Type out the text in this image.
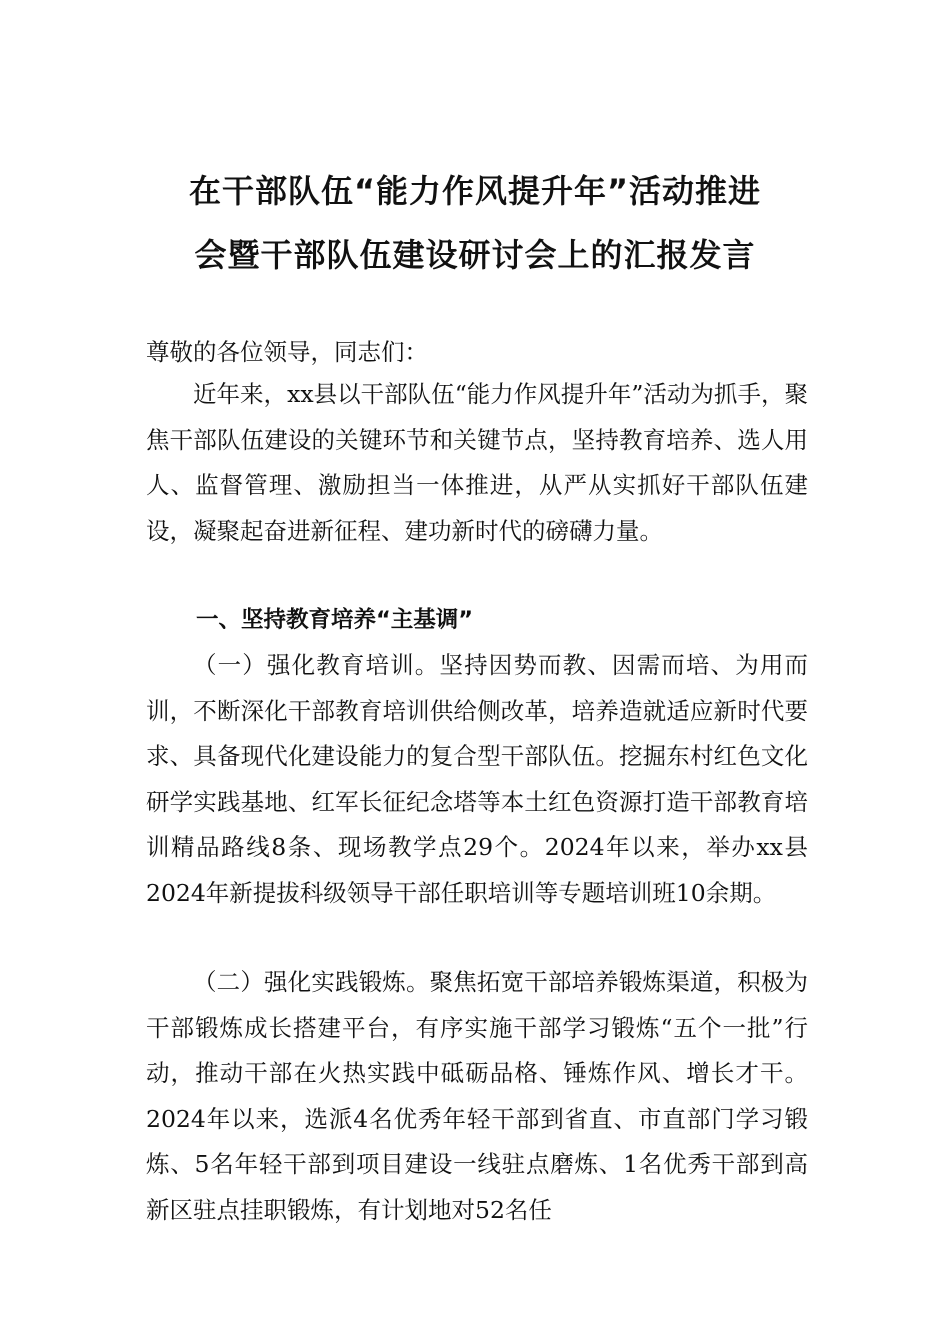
在干部队伍“能力作风提升年”活动推进
会暨干部队伍建设研讨会上的汇报发言

尊敬的各位领导，同志们：

近年来，xx县以干部队伍“能力作风提升年”活动为抓手，聚焦干部队伍建设的关键环节和关键节点，坚持教育培养、选人用人、监督管理、激励担当一体推进，从严从实抓好干部队伍建设，凝聚起奋进新征程、建功新时代的磅礴力量。

一、坚持教育培养“主基调”

（一）强化教育培训。坚持因势而教、因需而培、为用而训，不断深化干部教育培训供给侧改革，培养造就适应新时代要求、具备现代化建设能力的复合型干部队伍。挖掘东村红色文化研学实践基地、红军长征纪念塔等本土红色资源打造干部教育培训精品路线8条、现场教学点29个。2024年以来，举办xx县2024年新提拔科级领导干部任职培训等专题培训班10余期。

（二）强化实践锻炼。聚焦拓宽干部培养锻炼渠道，积极为干部锻炼成长搭建平台，有序实施干部学习锻炼“五个一批”行动，推动干部在火热实践中砥砺品格、锤炼作风、增长才干。2024年以来，选派4名优秀年轻干部到省直、市直部门学习锻炼、5名年轻干部到项目建设一线驻点磨炼、1名优秀干部到高新区驻点挂职锻炼，有计划地对52名任
